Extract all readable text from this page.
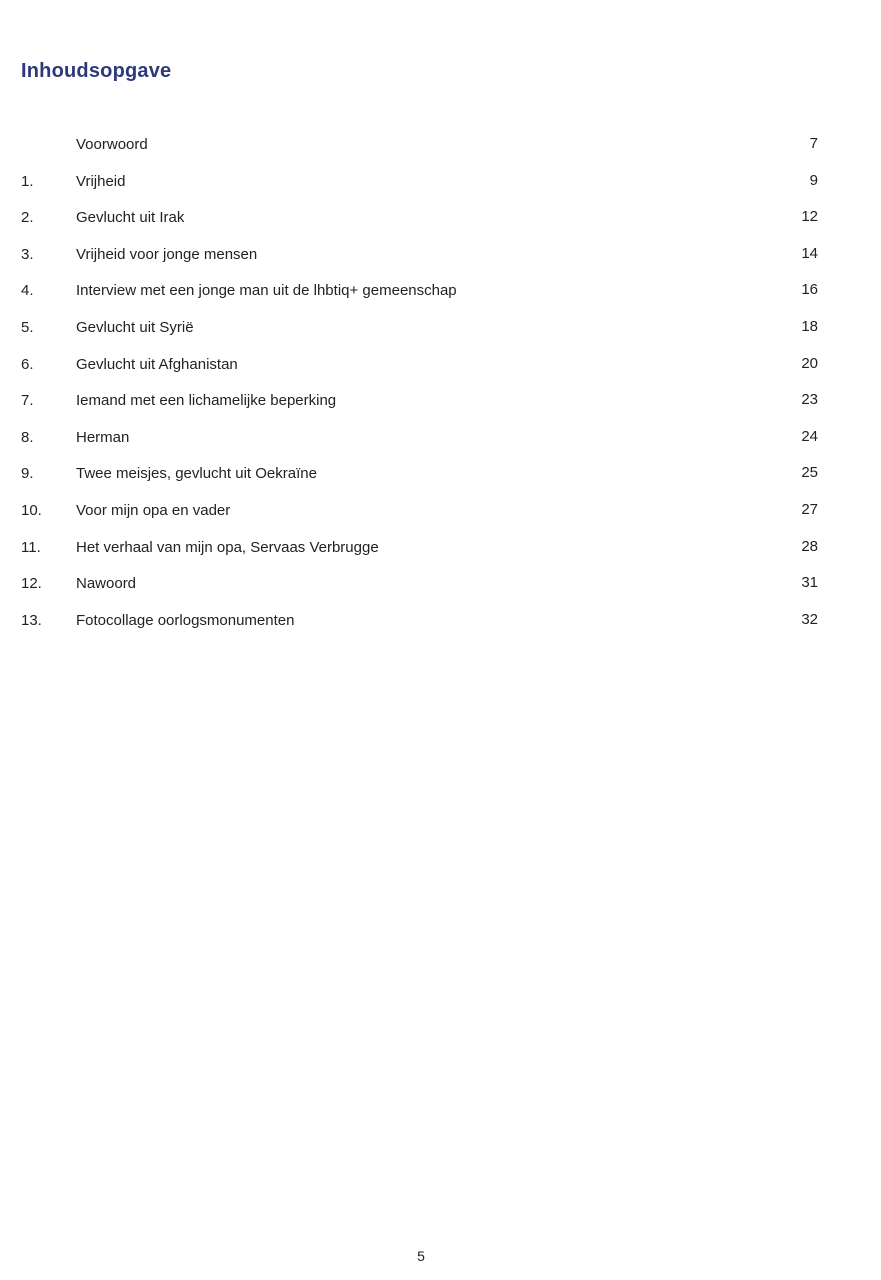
Inhoudsopgave
Voorwoord	7
1.	Vrijheid	9
2.	Gevlucht uit Irak	12
3.	Vrijheid voor jonge mensen	14
4.	Interview met een jonge man uit de lhbtiq+ gemeenschap	16
5.	Gevlucht uit Syrië	18
6.	Gevlucht uit Afghanistan	20
7.	Iemand met een lichamelijke beperking	23
8.	Herman	24
9.	Twee meisjes, gevlucht uit Oekraïne	25
10. Voor mijn opa en vader	27
11. Het verhaal van mijn opa, Servaas Verbrugge	28
12. Nawoord	31
13. Fotocollage oorlogsmonumenten	32
5
